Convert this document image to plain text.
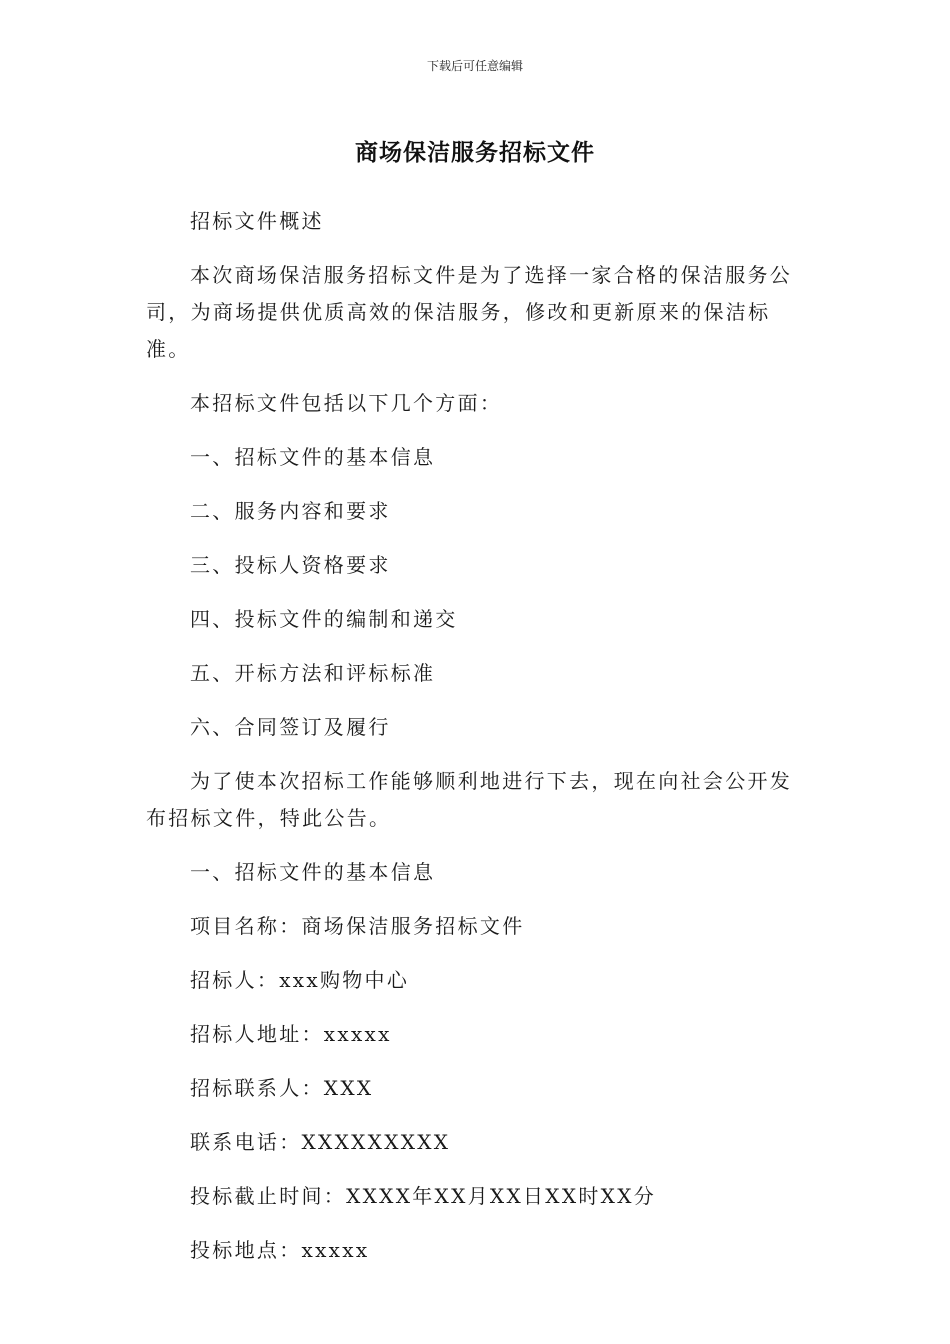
下载后可任意编辑
商场保洁服务招标文件

招标文件概述

本次商场保洁服务招标文件是为了选择一家合格的保洁服务公司，为商场提供优质高效的保洁服务，修改和更新原来的保洁标准。

本招标文件包括以下几个方面：

一、招标文件的基本信息

二、服务内容和要求

三、投标人资格要求

四、投标文件的编制和递交

五、开标方法和评标标准

六、合同签订及履行

为了使本次招标工作能够顺利地进行下去，现在向社会公开发布招标文件，特此公告。

一、招标文件的基本信息

项目名称：商场保洁服务招标文件

招标人：xxx购物中心

招标人地址：xxxxx

招标联系人：XXX

联系电话：XXXXXXXXX

投标截止时间：XXXX年XX月XX日XX时XX分

投标地点：xxxxx
